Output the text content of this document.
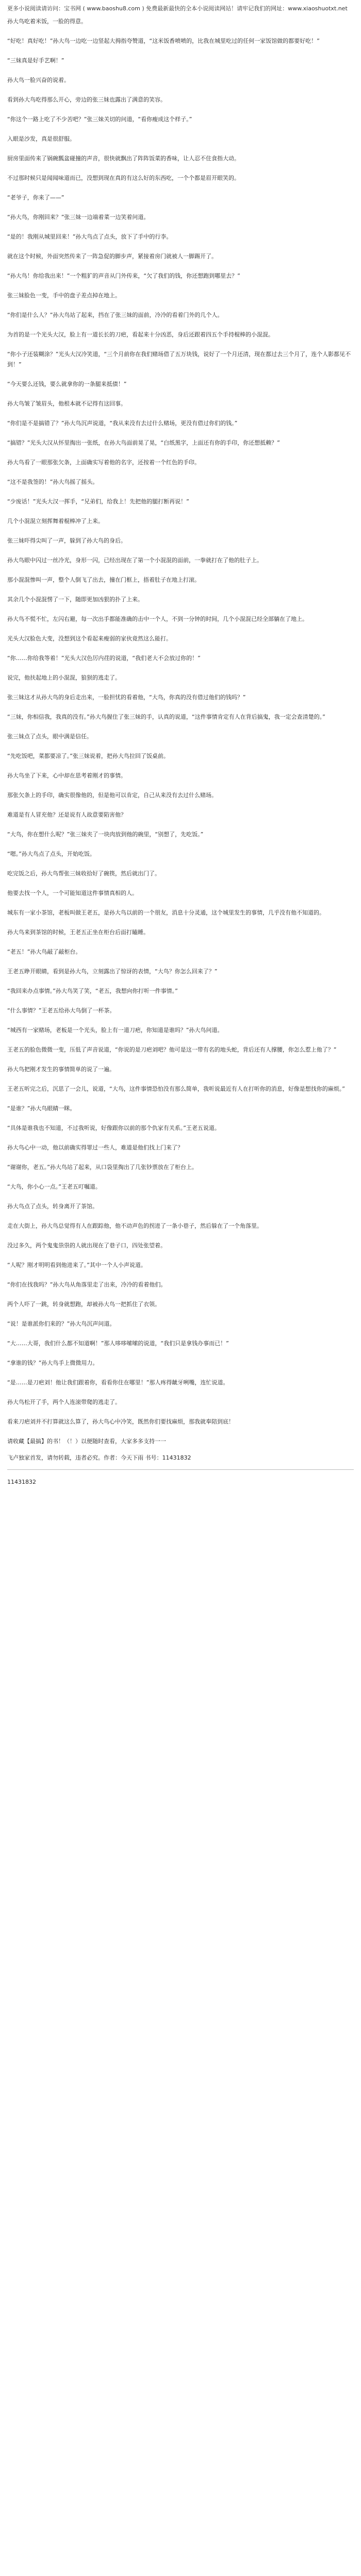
更多小说阅读请访问：宝书网 ( www.baoshu8.com ) 免费最新最快的全本小说阅读网站！请牢记我们的网址：www.xiaoshuotxt.net

孙大鸟吃着米饭，一脸的得意。

“好吃！真好吃！”孙大鸟一边吃一边竖起大拇指夸赞道，“这米饭香喷喷的，比我在城里吃过的任何一家饭馆做的都要好吃！”

“三妹真是好手艺啊！”

孙大鸟一脸兴奋的说着。

看到孙大鸟吃得那么开心，旁边的张三妹也露出了满意的笑容。

“你这个一路上吃了不少苦吧？”张三妹关切的问道，“看你瘦成这个样子。”

入眼是沙发，真是很舒服。

厨房里面传来了锅碗瓢盆碰撞的声音，很快就飘出了阵阵饭菜的香味，让人忍不住食指大动。

不过那时候只是闻闻味道而已，没想到现在真的有这么好的东西吃，一个个都是眉开眼笑的。

“老爷子，你来了——”

“孙大鸟，你刚回来？”张三妹一边端着菜一边笑着问道。

“是的！我刚从城里回来！”孙大鸟点了点头，放下了手中的行李。

就在这个时候，外面突然传来了一阵急促的脚步声，紧接着房门就被人一脚踢开了。

“孙大鸟！你给我出来！”一个粗犷的声音从门外传来，“欠了我们的钱，你还想跑到哪里去？”

张三妹脸色一变，手中的盘子差点掉在地上。

“你们是什么人？”孙大鸟站了起来，挡在了张三妹的面前，冷冷的看着门外的几个人。

为首的是一个光头大汉，脸上有一道长长的刀疤，看起来十分凶恶，身后还跟着四五个手持棍棒的小混混。

“你小子还装糊涂？”光头大汉冷笑道，“三个月前你在我们赌场借了五万块钱，说好了一个月还清，现在都过去三个月了，连个人影都见不到！”

“今天要么还钱，要么就拿你的一条腿来抵债！”

孙大鸟皱了皱眉头，他根本就不记得有这回事。

“你们是不是搞错了？”孙大鸟沉声说道，“我从来没有去过什么赌场，更没有借过你们的钱。”

“搞错？”光头大汉从怀里掏出一张纸，在孙大鸟面前晃了晃，“白纸黑字，上面还有你的手印，你还想抵赖？”

孙大鸟看了一眼那张欠条，上面确实写着他的名字，还按着一个红色的手印。

“这不是我签的！”孙大鸟摇了摇头。

“少废话！”光头大汉一挥手，“兄弟们，给我上！先把他的腿打断再说！”

几个小混混立刻挥舞着棍棒冲了上来。

张三妹吓得尖叫了一声，躲到了孙大鸟的身后。

孙大鸟眼中闪过一丝冷光，身形一闪，已经出现在了第一个小混混的面前，一拳就打在了他的肚子上。

那小混混惨叫一声，整个人倒飞了出去，撞在门框上，捂着肚子在地上打滚。

其余几个小混混愣了一下，随即更加凶狠的扑了上来。

孙大鸟不慌不忙，左闪右避，每一次出手都能准确的击中一个人，不到一分钟的时间，几个小混混已经全部躺在了地上。

光头大汉脸色大变，没想到这个看起来瘦弱的家伙竟然这么能打。

“你……你给我等着！”光头大汉色厉内荏的说道，“我们老大不会放过你的！”

说完，他扶起地上的小混混，狼狈的逃走了。

张三妹这才从孙大鸟的身后走出来，一脸担忧的看着他，“大鸟，你真的没有借过他们的钱吗？”

“三妹，你相信我，我真的没有。”孙大鸟握住了张三妹的手，认真的说道，“这件事情肯定有人在背后搞鬼，我一定会查清楚的。”

张三妹点了点头，眼中满是信任。

“先吃饭吧，菜都要凉了。”张三妹说着，把孙大鸟拉回了饭桌前。

孙大鸟坐了下来，心中却在思考着刚才的事情。

那张欠条上的手印，确实很像他的，但是他可以肯定，自己从来没有去过什么赌场。

难道是有人冒充他？还是说有人故意要陷害他？

“大鸟，你在想什么呢？”张三妹夹了一块肉放到他的碗里，“别想了，先吃饭。”

“嗯。”孙大鸟点了点头，开始吃饭。

吃完饭之后，孙大鸟帮张三妹收拾好了碗筷，然后就出门了。

他要去找一个人，一个可能知道这件事情真相的人。

城东有一家小茶馆，老板叫做王老五，是孙大鸟以前的一个朋友，消息十分灵通，这个城里发生的事情，几乎没有他不知道的。

孙大鸟来到茶馆的时候，王老五正坐在柜台后面打瞌睡。

“老五！”孙大鸟敲了敲柜台。

王老五睁开眼睛，看到是孙大鸟，立刻露出了惊讶的表情，“大鸟？你怎么回来了？”

“我回来办点事情。”孙大鸟笑了笑，“老五，我想向你打听一件事情。”

“什么事情？”王老五给孙大鸟倒了一杯茶。

“城西有一家赌场，老板是一个光头，脸上有一道刀疤，你知道是谁吗？”孙大鸟问道。

王老五的脸色微微一变，压低了声音说道，“你说的是刀疤刘吧？他可是这一带有名的地头蛇，背后还有人撑腰，你怎么惹上他了？”

孙大鸟把刚才发生的事情简单的说了一遍。

王老五听完之后，沉思了一会儿，说道，“大鸟，这件事情恐怕没有那么简单，我听说最近有人在打听你的消息，好像是想找你的麻烦。”

“是谁？”孙大鸟眼睛一眯。

“具体是谁我也不知道，不过我听说，好像跟你以前的那个仇家有关系。”王老五说道。

孙大鸟心中一动，他以前确实得罪过一些人，难道是他们找上门来了？

“谢谢你，老五。”孙大鸟站了起来，从口袋里掏出了几张钞票放在了柜台上。

“大鸟，你小心一点。”王老五叮嘱道。

孙大鸟点了点头，转身离开了茶馆。

走在大街上，孙大鸟总觉得有人在跟踪他，他不动声色的拐进了一条小巷子，然后躲在了一个角落里。

没过多久，两个鬼鬼祟祟的人就出现在了巷子口，四处张望着。

“人呢？刚才明明看到他进来了。”其中一个人小声说道。

“你们在找我吗？”孙大鸟从角落里走了出来，冷冷的看着他们。

两个人吓了一跳，转身就想跑，却被孙大鸟一把抓住了衣领。

“说！是谁派你们来的？”孙大鸟沉声问道。

“大……大哥，我们什么都不知道啊！”那人哆哆嗦嗦的说道，“我们只是拿钱办事而已！”

“拿谁的钱？”孙大鸟手上微微用力。

“是……是刀疤刘！他让我们跟着你，看看你住在哪里！”那人疼得龇牙咧嘴，连忙说道。

孙大鸟松开了手，两个人连滚带爬的逃走了。

看来刀疤刘并不打算就这么算了，孙大鸟心中冷笑，既然你们要找麻烦，那我就奉陪到底！

请收藏【最搞】的书！（！）以便随时查看，大家多多支持一一
飞卢独家首发，请勿转载，违者必究。作者：今天下雨 书号：11431832
11431832
